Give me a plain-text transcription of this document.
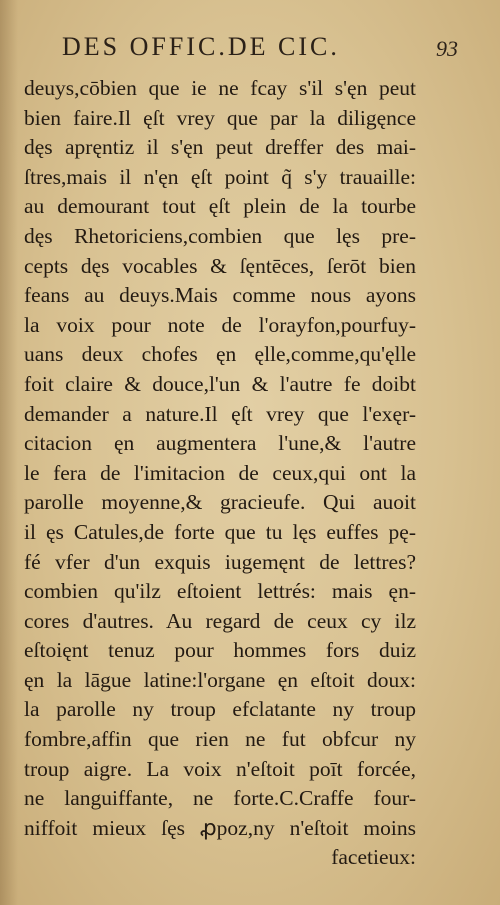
DES OFFIC.DE CIC.	93
deuys,cōbien que ie ne fcay s'il s'ęn peut
bien faire.Il ęſt vrey que par la diligęnce
dęs apręntiz il s'ęn peut dreffer des mai-
ſtres,mais il n'ęn ęſt point q̃ s'y trauaille:
au demourant tout ęſt plein de la tourbe
dęs Rhetoriciens,combien que lęs pre-
cepts dęs vocables & ſęntēces, ſerōt bien
feans au deuys.Mais comme nous ayons
la voix pour note de l'orayfon,pourfuy-
uans deux chofes ęn ęlle,comme,qu'ęlle
foit claire & douce,l'un & l'autre fe doibt
demander a nature.Il ęſt vrey que l'exęr-
citacion ęn augmentera l'une,& l'autre
le fera de l'imitacion de ceux,qui ont la
parolle moyenne,& gracieufe. Qui auoit
il ęs Catules,de forte que tu lęs euffes pę-
fé vfer d'un exquis iugemęnt de lettres?
combien qu'ilz eſtoient lettrés: mais ęn-
cores d'autres. Au regard de ceux cy ilz
eſtoięnt tenuz pour hommes fors duiz
ęn la lāgue latine:l'organe ęn eſtoit doux:
la parolle ny troup efclatante ny troup
fombre,affin que rien ne fut obfcur ny
troup aigre. La voix n'eſtoit poīt forcée,
ne languiffante, ne forte.C.Craffe four-
niffoit mieux ſęs ꝓpoz,ny n'eſtoit moins
facetieux:
